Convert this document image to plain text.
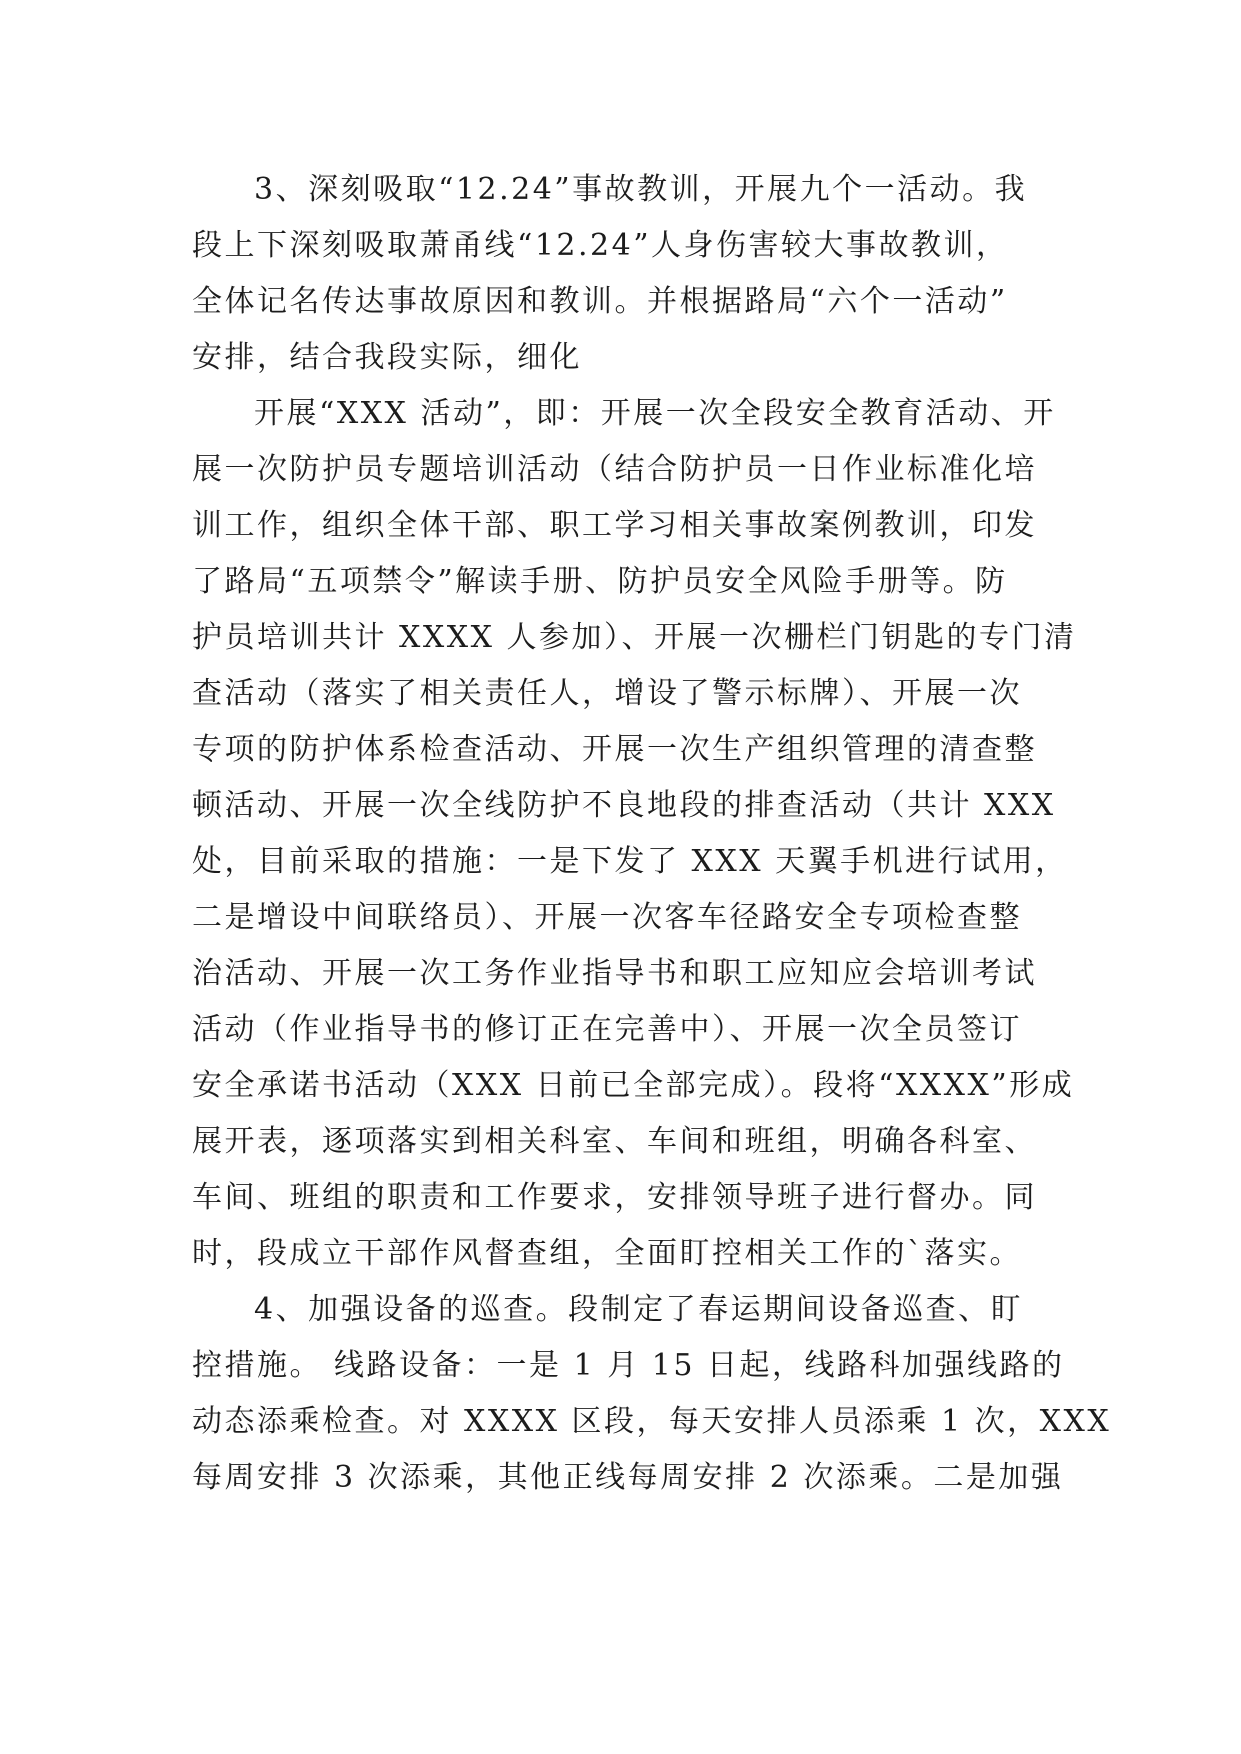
3、深刻吸取“12.24”事故教训，开展九个一活动。我
段上下深刻吸取萧甬线“12.24”人身伤害较大事故教训，
全体记名传达事故原因和教训。并根据路局“六个一活动”
安排，结合我段实际，细化
开展“XXX 活动”，即：开展一次全段安全教育活动、开
展一次防护员专题培训活动（结合防护员一日作业标准化培
训工作，组织全体干部、职工学习相关事故案例教训，印发
了路局“五项禁令”解读手册、防护员安全风险手册等。防
护员培训共计 XXXX 人参加）、开展一次栅栏门钥匙的专门清
查活动（落实了相关责任人，增设了警示标牌）、开展一次
专项的防护体系检查活动、开展一次生产组织管理的清查整
顿活动、开展一次全线防护不良地段的排查活动（共计 XXX
处，目前采取的措施：一是下发了 XXX 天翼手机进行试用，
二是增设中间联络员）、开展一次客车径路安全专项检查整
治活动、开展一次工务作业指导书和职工应知应会培训考试
活动（作业指导书的修订正在完善中）、开展一次全员签订
安全承诺书活动（XXX 日前已全部完成）。段将“XXXX”形成
展开表，逐项落实到相关科室、车间和班组，明确各科室、
车间、班组的职责和工作要求，安排领导班子进行督办。同
时，段成立干部作风督查组，全面盯控相关工作的`落实。
4、加强设备的巡查。段制定了春运期间设备巡查、盯
控措施。 线路设备：一是 1 月 15 日起，线路科加强线路的
动态添乘检查。对 XXXX 区段，每天安排人员添乘 1 次，XXX
每周安排 3 次添乘，其他正线每周安排 2 次添乘。二是加强
